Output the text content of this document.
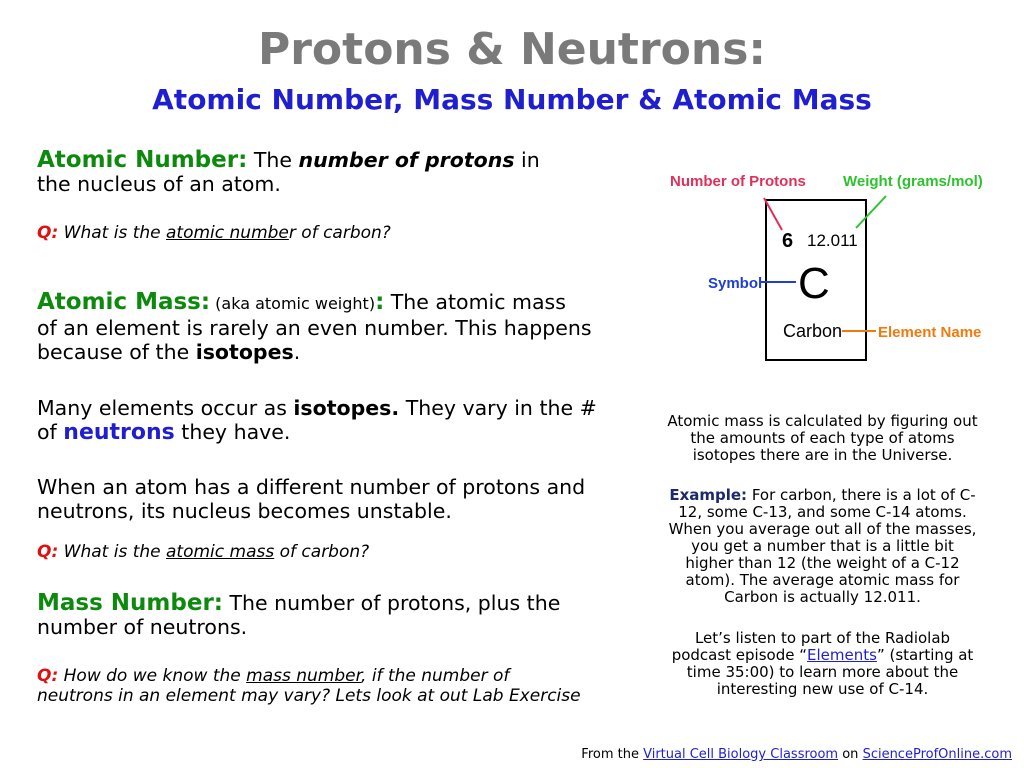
Protons & Neutrons:
Atomic Number, Mass Number & Atomic Mass
Atomic Number: The number of protons in
the nucleus of an atom.
Q: What is the atomic number of carbon?
Atomic Mass: (aka atomic weight): The atomic mass
of an element is rarely an even number. This happens
because of the isotopes.
Many elements occur as isotopes. They vary in the #
of neutrons they have.
When an atom has a different number of protons and
neutrons, its nucleus becomes unstable.
Q: What is the atomic mass of carbon?
Mass Number: The number of protons, plus the
number of neutrons.
Q: How do we know the mass number, if the number of
neutrons in an element may vary? Lets look at out Lab Exercise
Number of Protons Weight (grams/mol)
Symbol
Element Name
6 12.011
C
Carbon
Atomic mass is calculated by figuring out
the amounts of each type of atoms
isotopes there are in the Universe.
Example: For carbon, there is a lot of C-
12, some C-13, and some C-14 atoms.
When you average out all of the masses,
you get a number that is a little bit
higher than 12 (the weight of a C-12
atom). The average atomic mass for
Carbon is actually 12.011.
Let’s listen to part of the Radiolab
podcast episode “Elements” (starting at
time 35:00) to learn more about the
interesting new use of C-14.
From the Virtual Cell Biology Classroom on ScienceProfOnline.com
